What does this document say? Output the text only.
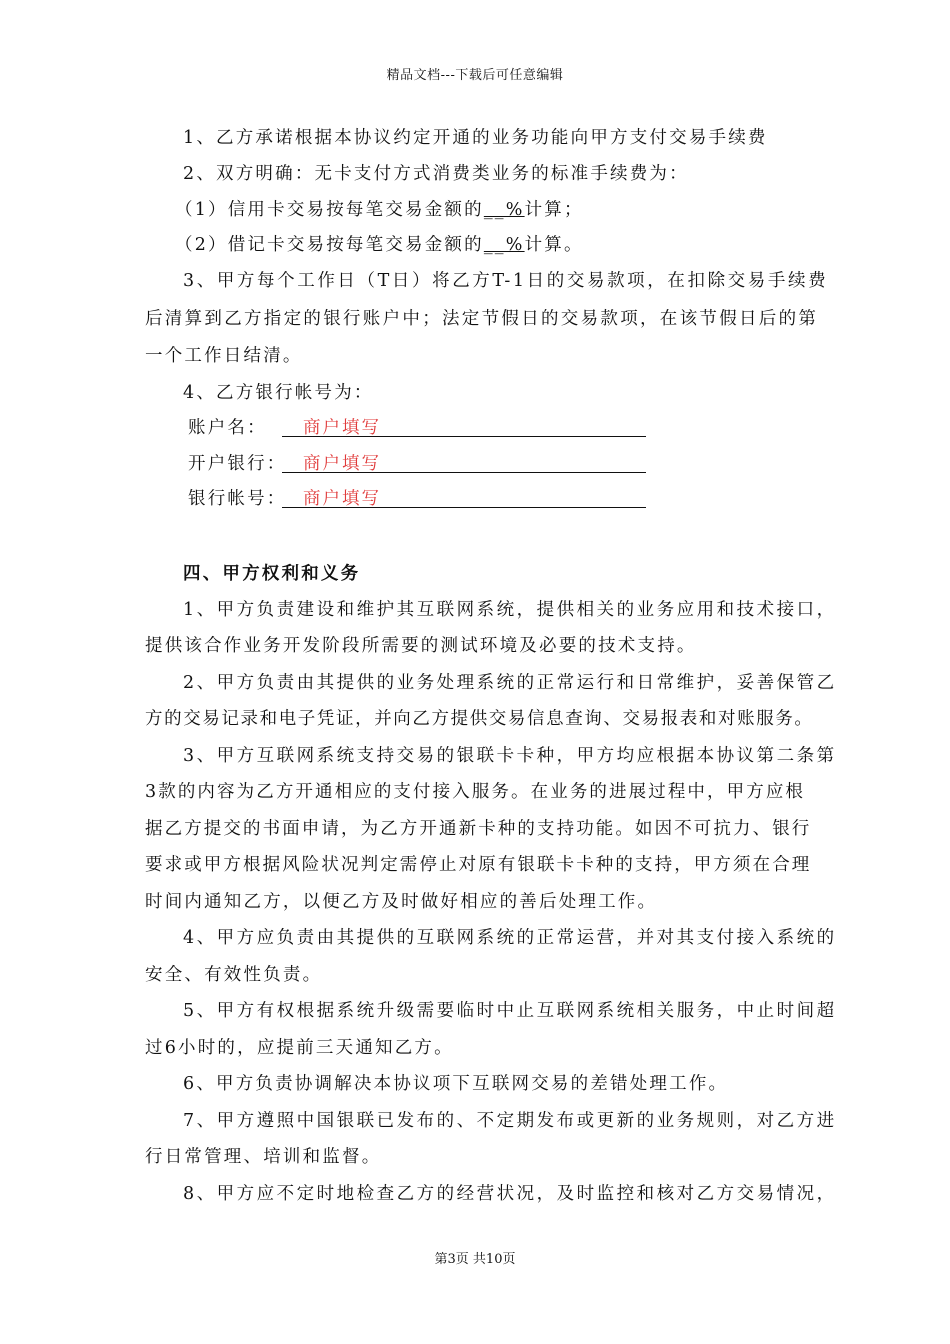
精品文档---下载后可任意编辑
1、乙方承诺根据本协议约定开通的业务功能向甲方支付交易手续费
2、双方明确：无卡支付方式消费类业务的标准手续费为：
（1）信用卡交易按每笔交易金额的__%计算；
（2）借记卡交易按每笔交易金额的__%计算。
3、甲方每个工作日（T日）将乙方T-1日的交易款项，在扣除交易手续费
后清算到乙方指定的银行账户中；法定节假日的交易款项，在该节假日后的第
一个工作日结清。
4、乙方银行帐号为：
账户名： 商户填写
开户银行： 商户填写
银行帐号： 商户填写
四、甲方权利和义务
1、甲方负责建设和维护其互联网系统，提供相关的业务应用和技术接口，
提供该合作业务开发阶段所需要的测试环境及必要的技术支持。
2、甲方负责由其提供的业务处理系统的正常运行和日常维护，妥善保管乙
方的交易记录和电子凭证，并向乙方提供交易信息查询、交易报表和对账服务。
3、甲方互联网系统支持交易的银联卡卡种，甲方均应根据本协议第二条第
3款的内容为乙方开通相应的支付接入服务。在业务的进展过程中，甲方应根
据乙方提交的书面申请，为乙方开通新卡种的支持功能。如因不可抗力、银行
要求或甲方根据风险状况判定需停止对原有银联卡卡种的支持，甲方须在合理
时间内通知乙方，以便乙方及时做好相应的善后处理工作。
4、甲方应负责由其提供的互联网系统的正常运营，并对其支付接入系统的
安全、有效性负责。
5、甲方有权根据系统升级需要临时中止互联网系统相关服务，中止时间超
过6小时的，应提前三天通知乙方。
6、甲方负责协调解决本协议项下互联网交易的差错处理工作。
7、甲方遵照中国银联已发布的、不定期发布或更新的业务规则，对乙方进
行日常管理、培训和监督。
8、甲方应不定时地检查乙方的经营状况，及时监控和核对乙方交易情况，
第3页 共10页
